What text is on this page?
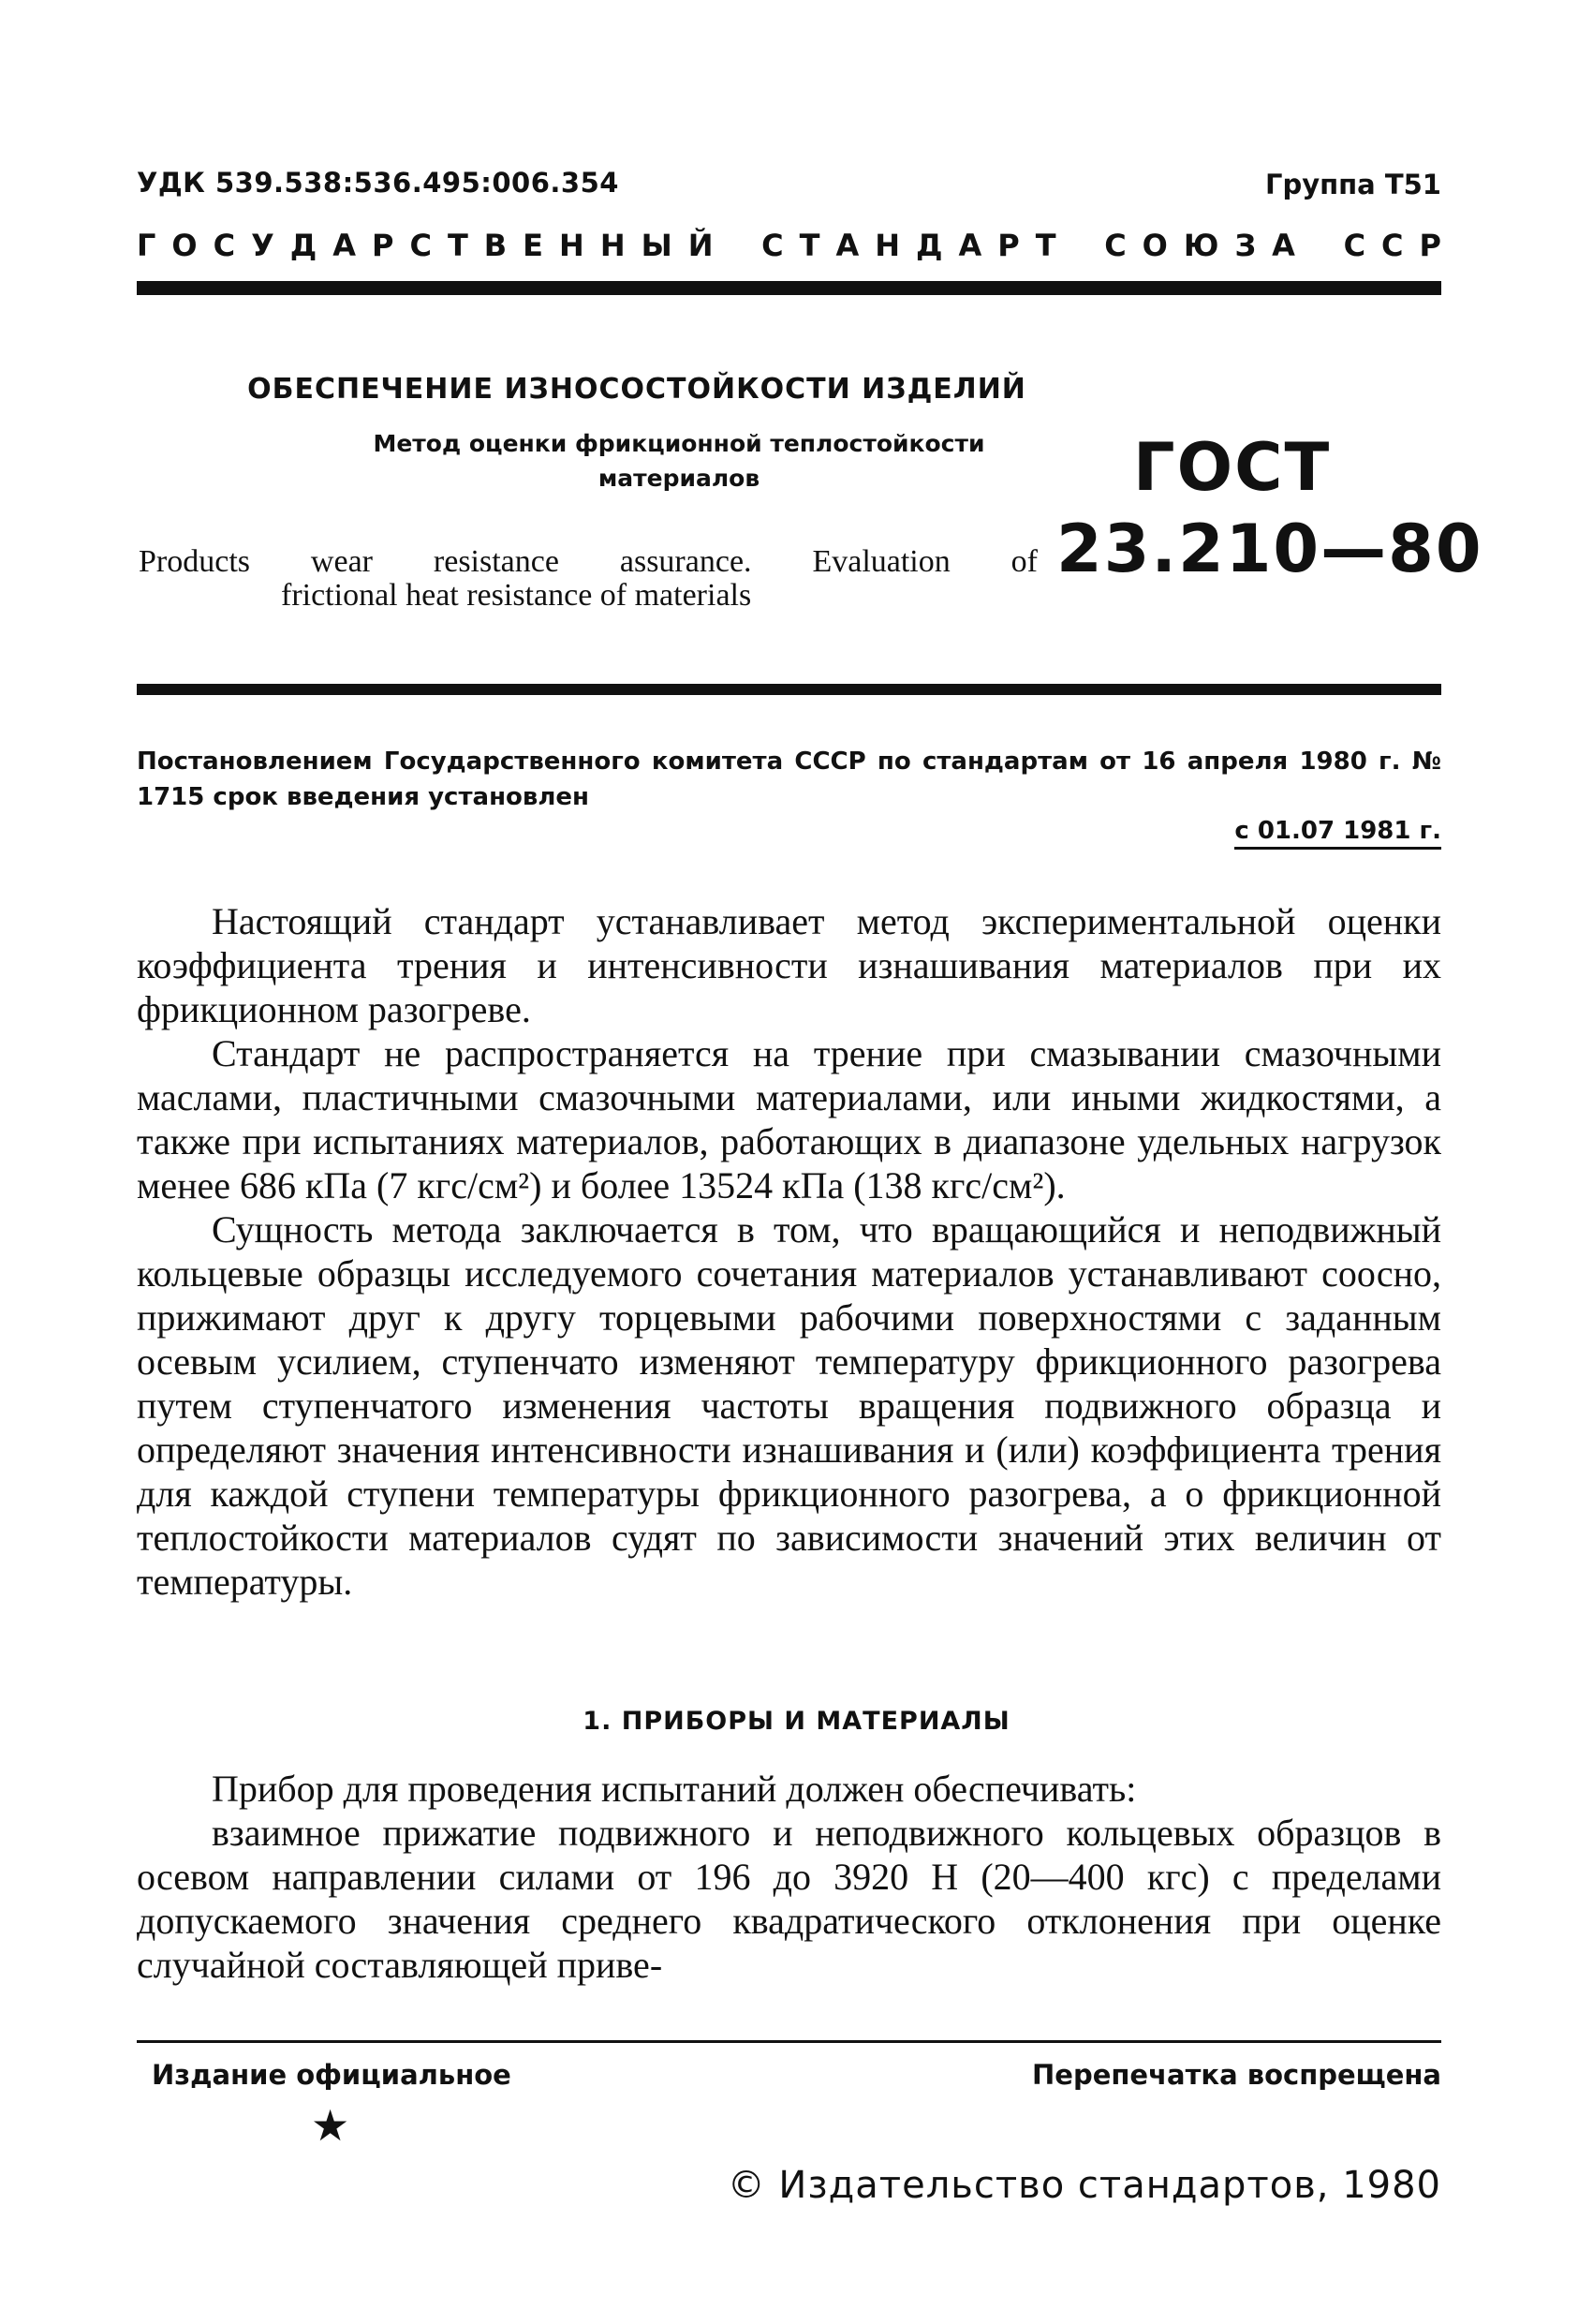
УДК 539.538:536.495:006.354	Группа Т51
ГОСУДАРСТВЕННЫЙ СТАНДАРТ СОЮЗА ССР
ОБЕСПЕЧЕНИЕ ИЗНОСОСТОЙКОСТИ ИЗДЕЛИЙ
Метод оценки фрикционной теплостойкости материалов
Products wear resistance assurance. Evaluation of
frictional heat resistance of materials
ГОСТ
23.210—80
Постановлением Государственного комитета СССР по стандартам от 16 апреля 1980 г. № 1715 срок введения установлен
с 01.07 1981 г.

Настоящий стандарт устанавливает метод экспериментальной оценки коэффициента трения и интенсивности изнашивания материалов при их фрикционном разогреве.

Стандарт не распространяется на трение при смазывании смазочными маслами, пластичными смазочными материалами, или иными жидкостями, а также при испытаниях материалов, работающих в диапазоне удельных нагрузок менее 686 кПа (7 кгс/см²) и более 13524 кПа (138 кгс/см²).

Сущность метода заключается в том, что вращающийся и неподвижный кольцевые образцы исследуемого сочетания материалов устанавливают соосно, прижимают друг к другу торцевыми рабочими поверхностями с заданным осевым усилием, ступенчато изменяют температуру фрикционного разогрева путем ступенчатого изменения частоты вращения подвижного образца и определяют значения интенсивности изнашивания и (или) коэффициента трения для каждой ступени температуры фрикционного разогрева, а о фрикционной теплостойкости материалов судят по зависимости значений этих величин от температуры.

1. ПРИБОРЫ И МАТЕРИАЛЫ

Прибор для проведения испытаний должен обеспечивать:

взаимное прижатие подвижного и неподвижного кольцевых образцов в осевом направлении силами от 196 до 3920 Н (20—400 кгс) с пределами допускаемого значения среднего квадратического отклонения при оценке случайной составляющей приве-

Издание официальное	Перепечатка воспрещена
★
© Издательство стандартов, 1980
